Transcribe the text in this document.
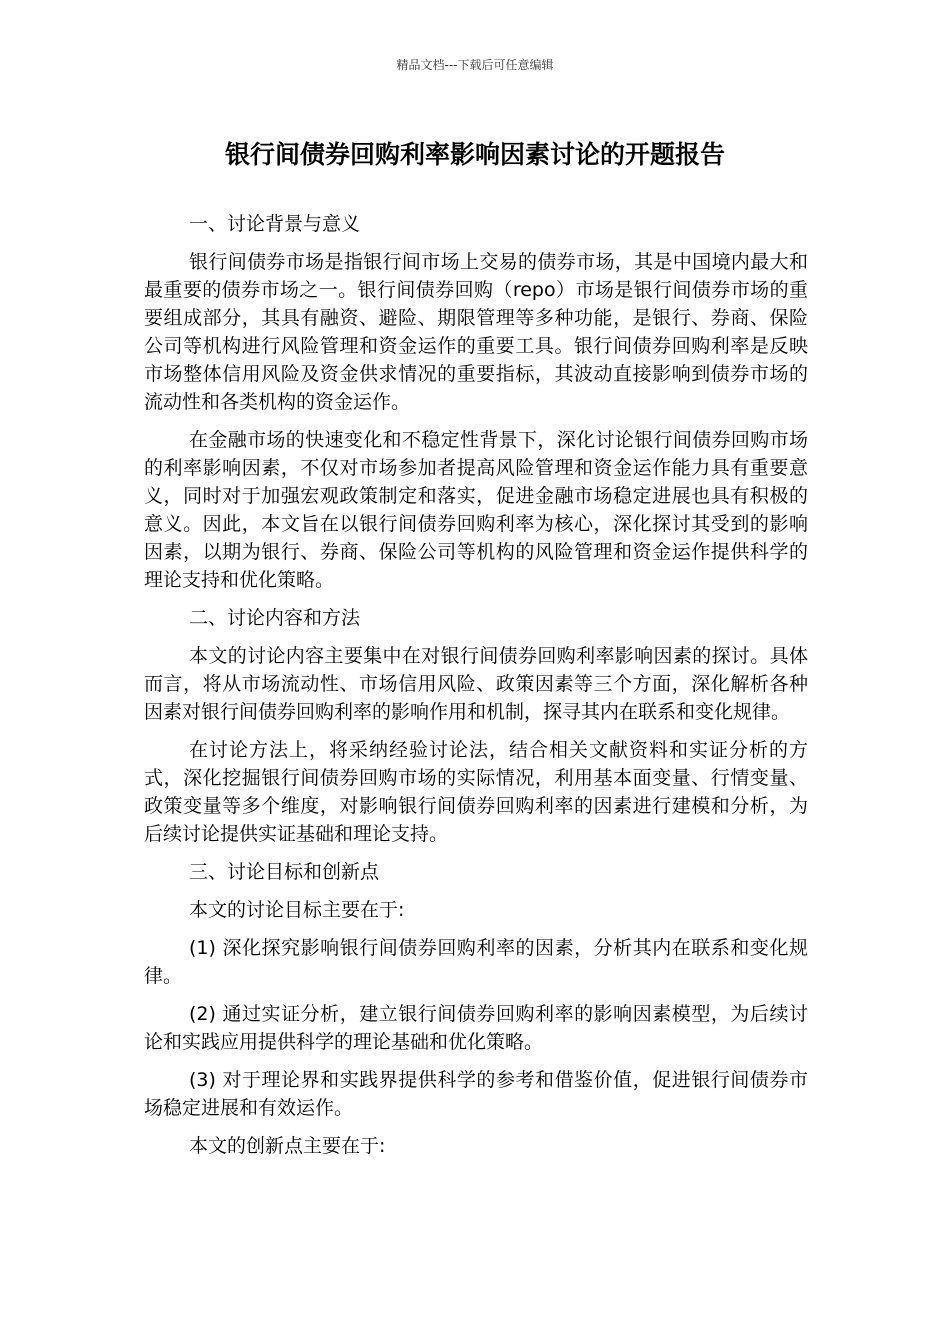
精品文档---下载后可任意编辑
银行间债券回购利率影响因素讨论的开题报告

一、讨论背景与意义

银行间债券市场是指银行间市场上交易的债券市场，其是中国境内最大和最重要的债券市场之一。银行间债券回购（repo）市场是银行间债券市场的重要组成部分，其具有融资、避险、期限管理等多种功能，是银行、券商、保险公司等机构进行风险管理和资金运作的重要工具。银行间债券回购利率是反映市场整体信用风险及资金供求情况的重要指标，其波动直接影响到债券市场的流动性和各类机构的资金运作。

在金融市场的快速变化和不稳定性背景下，深化讨论银行间债券回购市场的利率影响因素，不仅对市场参加者提高风险管理和资金运作能力具有重要意义，同时对于加强宏观政策制定和落实，促进金融市场稳定进展也具有积极的意义。因此，本文旨在以银行间债券回购利率为核心，深化探讨其受到的影响因素，以期为银行、券商、保险公司等机构的风险管理和资金运作提供科学的理论支持和优化策略。

二、讨论内容和方法

本文的讨论内容主要集中在对银行间债券回购利率影响因素的探讨。具体而言，将从市场流动性、市场信用风险、政策因素等三个方面，深化解析各种因素对银行间债券回购利率的影响作用和机制，探寻其内在联系和变化规律。

在讨论方法上，将采纳经验讨论法，结合相关文献资料和实证分析的方式，深化挖掘银行间债券回购市场的实际情况，利用基本面变量、行情变量、政策变量等多个维度，对影响银行间债券回购利率的因素进行建模和分析，为后续讨论提供实证基础和理论支持。

三、讨论目标和创新点

本文的讨论目标主要在于:

(1) 深化探究影响银行间债券回购利率的因素，分析其内在联系和变化规律。

(2) 通过实证分析，建立银行间债券回购利率的影响因素模型，为后续讨论和实践应用提供科学的理论基础和优化策略。

(3) 对于理论界和实践界提供科学的参考和借鉴价值，促进银行间债券市场稳定进展和有效运作。

本文的创新点主要在于:
